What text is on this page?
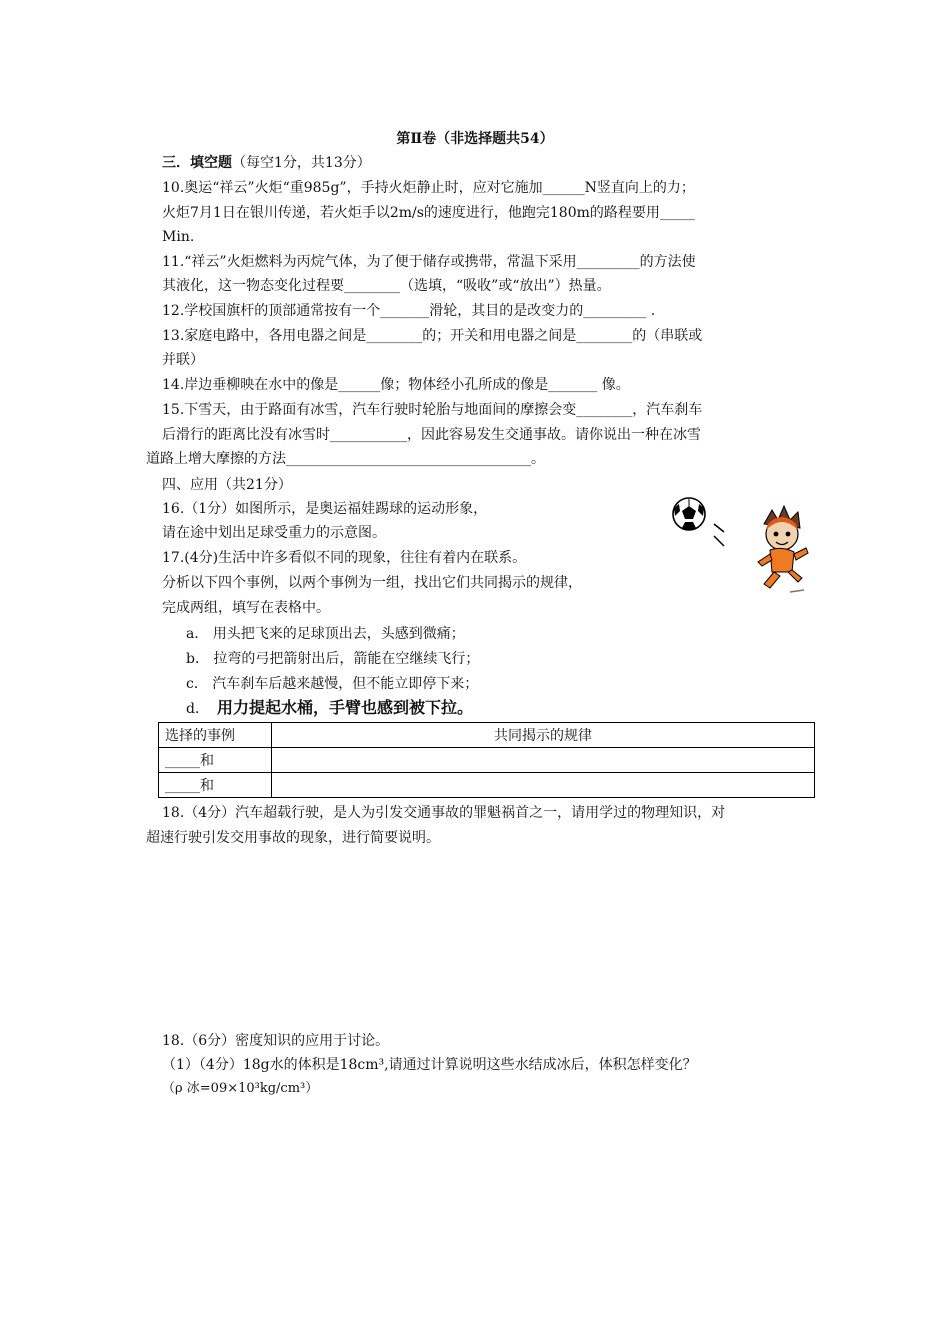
第Ⅱ卷（非选择题共54）
三．填空题（每空1分，共13分）
10.奥运“祥云”火炬“重985g”，手持火炬静止时，应对它施加______N竖直向上的力；
火炬7月1日在银川传递，若火炬手以2m/s的速度进行，他跑完180m的路程要用_____
Min.
11.“祥云”火炬燃料为丙烷气体，为了便于储存或携带，常温下采用_________的方法使
其液化，这一物态变化过程要________（选填，“吸收”或“放出”）热量。
12.学校国旗杆的顶部通常按有一个_______滑轮，其目的是改变力的_________ .
13.家庭电路中，各用电器之间是________的；开关和用电器之间是________的（串联或
并联）
14.岸边垂柳映在水中的像是______像；物体经小孔所成的像是_______ 像。
15.下雪天，由于路面有冰雪，汽车行驶时轮胎与地面间的摩擦会变________，汽车刹车
后滑行的距离比没有冰雪时___________，因此容易发生交通事故。请你说出一种在冰雪
道路上增大摩擦的方法___________________________________。
四、应用（共21分）
16.（1分）如图所示，是奥运福娃踢球的运动形象，
请在途中划出足球受重力的示意图。
17.(4分)生活中许多看似不同的现象，往往有着内在联系。
分析以下四个事例，以两个事例为一组，找出它们共同揭示的规律，
完成两组，填写在表格中。
a． 用头把飞来的足球顶出去，头感到微痛；
b． 拉弯的弓把箭射出后，箭能在空继续飞行；
c． 汽车刹车后越来越慢，但不能立即停下来；
d． 用力提起水桶，手臂也感到被下拉。
选择的事例	共同揭示的规律
_____和	
_____和	
18.（4分）汽车超载行驶，是人为引发交通事故的罪魁祸首之一，请用学过的物理知识，对
超速行驶引发交用事故的现象，进行简要说明。
18.（6分）密度知识的应用于讨论。
（1）（4分）18g水的体积是18cm³,请通过计算说明这些水结成冰后，体积怎样变化？
（ρ 冰=09×10³kg/cm³）
